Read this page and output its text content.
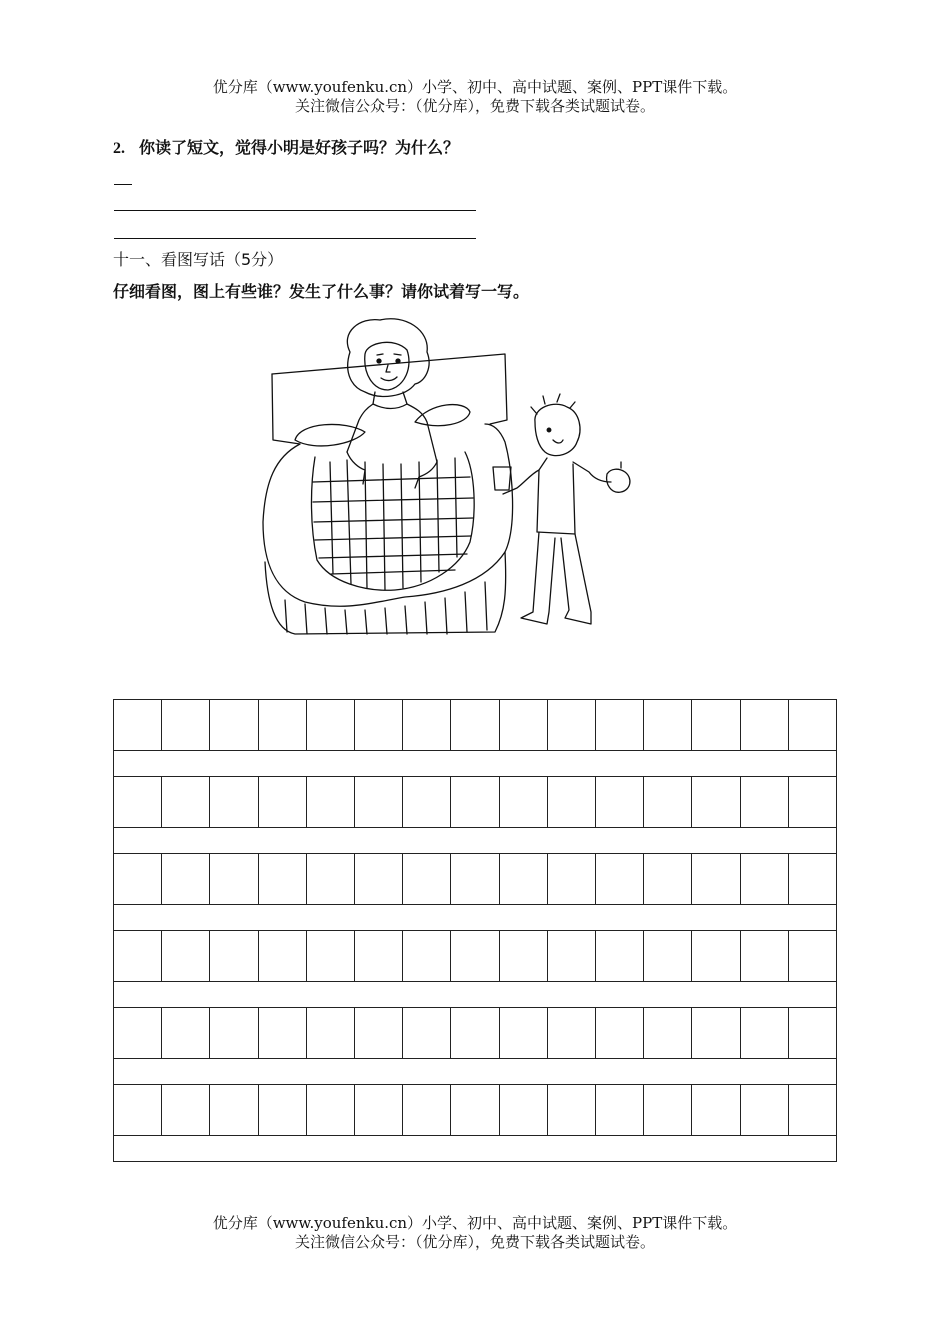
优分库（www.youfenku.cn）小学、初中、高中试题、案例、PPT课件下载。
关注微信公众号：（优分库），免费下载各类试题试卷。
2. 你读了短文，觉得小明是好孩子吗？为什么？
十一、看图写话（5分）
仔细看图，图上有些谁？发生了什么事？请你试着写一写。
优分库（www.youfenku.cn）小学、初中、高中试题、案例、PPT课件下载。
关注微信公众号：（优分库），免费下载各类试题试卷。
